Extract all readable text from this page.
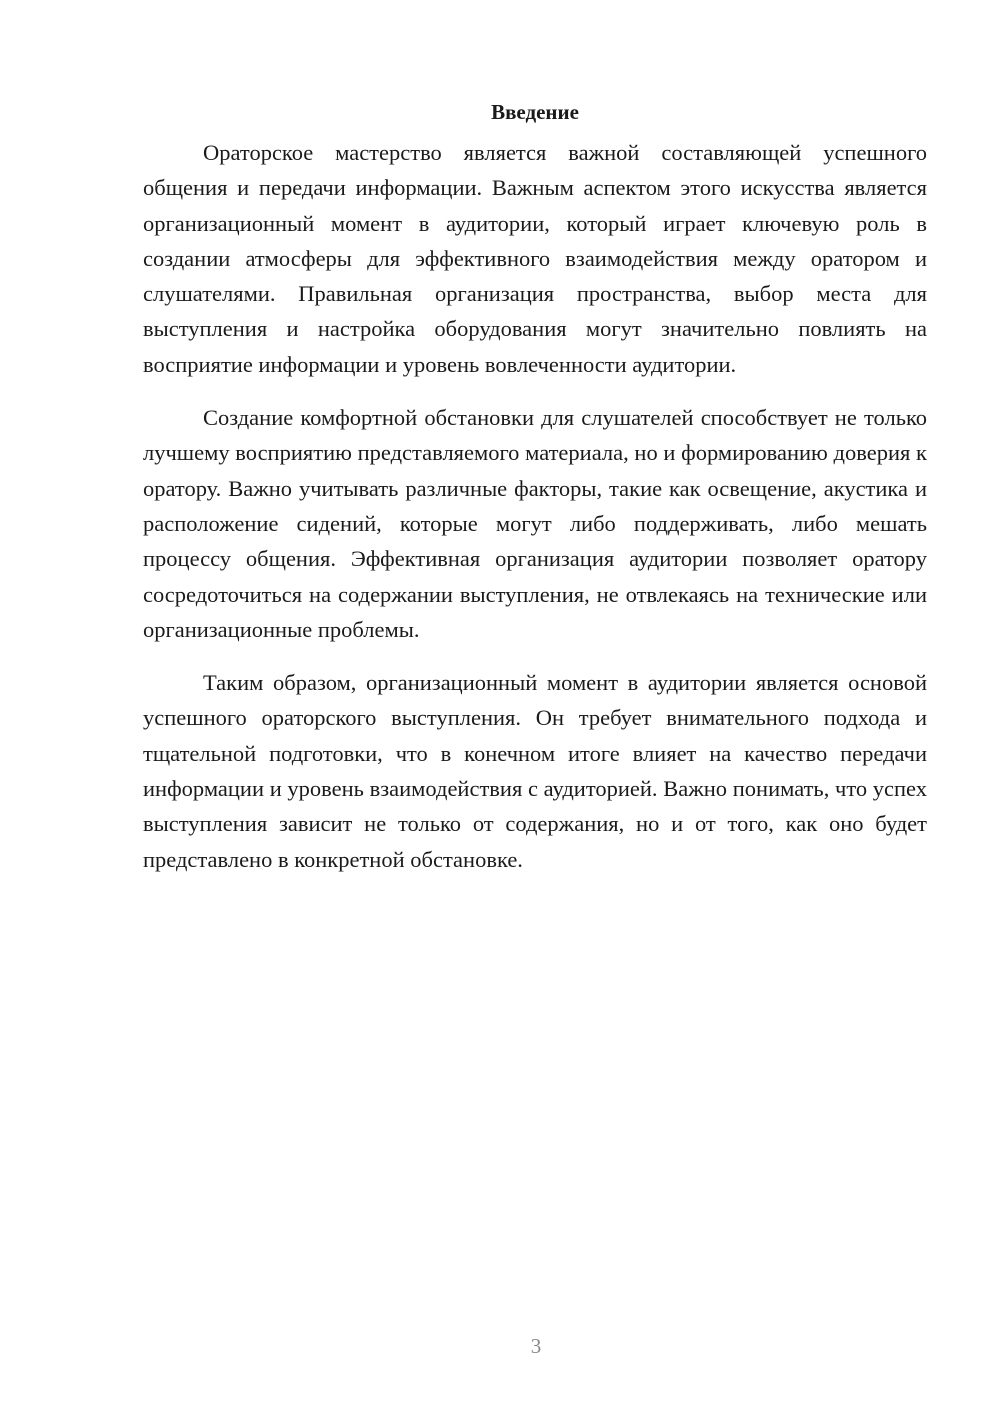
Введение

Ораторское мастерство является важной составляющей успешного общения и передачи информации. Важным аспектом этого искусства является организационный момент в аудитории, который играет ключевую роль в создании атмосферы для эффективного взаимодействия между оратором и слушателями. Правильная организация пространства, выбор места для выступления и настройка оборудования могут значительно повлиять на восприятие информации и уровень вовлеченности аудитории.

Создание комфортной обстановки для слушателей способствует не только лучшему восприятию представляемого материала, но и формированию доверия к оратору. Важно учитывать различные факторы, такие как освещение, акустика и расположение сидений, которые могут либо поддерживать, либо мешать процессу общения. Эффективная организация аудитории позволяет оратору сосредоточиться на содержании выступления, не отвлекаясь на технические или организационные проблемы.

Таким образом, организационный момент в аудитории является основой успешного ораторского выступления. Он требует внимательного подхода и тщательной подготовки, что в конечном итоге влияет на качество передачи информации и уровень взаимодействия с аудиторией. Важно понимать, что успех выступления зависит не только от содержания, но и от того, как оно будет представлено в конкретной обстановке.

3
